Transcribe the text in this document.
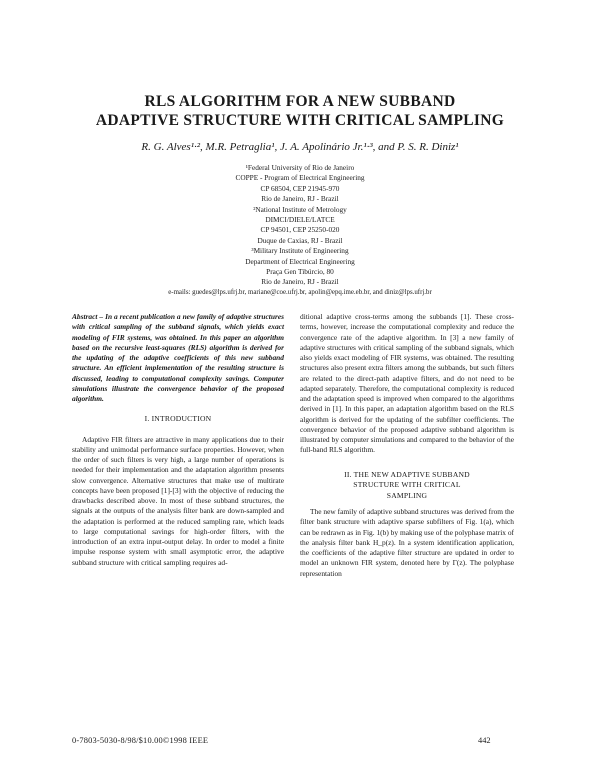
RLS ALGORITHM FOR A NEW SUBBAND
ADAPTIVE STRUCTURE WITH CRITICAL SAMPLING
R. G. Alves¹·², M.R. Petraglia¹, J. A. Apolinário Jr.¹·³, and P. S. R. Diniz¹
¹Federal University of Rio de Janeiro
COPPE - Program of Electrical Engineering
CP 68504, CEP 21945-970
Rio de Janeiro, RJ - Brazil
²National Institute of Metrology
DIMCI/DIELE/LATCE
CP 94501, CEP 25250-020
Duque de Caxias, RJ - Brazil
³Military Institute of Engineering
Department of Electrical Engineering
Praça Gen Tibúrcio, 80
Rio de Janeiro, RJ - Brazil
e-mails: guedes@lps.ufrj.br, mariane@coe.ufrj.br, apolin@epq.ime.eb.br, and diniz@lps.ufrj.br

Abstract – In a recent publication a new family of adaptive structures with critical sampling of the subband signals, which yields exact modeling of FIR systems, was obtained. In this paper an algorithm based on the recursive least-squares (RLS) algorithm is derived for the updating of the adaptive coefficients of this new subband structure. An efficient implementation of the resulting structure is discussed, leading to computational complexity savings. Computer simulations illustrate the convergence behavior of the proposed algorithm.

I. INTRODUCTION

Adaptive FIR filters are attractive in many applications due to their stability and unimodal performance surface properties. However, when the order of such filters is very high, a large number of operations is needed for their implementation and the adaptation algorithm presents slow convergence. Alternative structures that make use of multirate concepts have been proposed [1]-[3] with the objective of reducing the drawbacks described above. In most of these subband structures, the signals at the outputs of the analysis filter bank are down-sampled and the adaptation is performed at the reduced sampling rate, which leads to large computational savings for high-order filters, with the introduction of an extra input-output delay. In order to model a finite impulse response system with small asymptotic error, the adaptive subband structure with critical sampling requires ad-

ditional adaptive cross-terms among the subbands [1]. These cross-terms, however, increase the computational complexity and reduce the convergence rate of the adaptive algorithm. In [3] a new family of adaptive structures with critical sampling of the subband signals, which also yields exact modeling of FIR systems, was obtained. The resulting structures also present extra filters among the subbands, but such filters are related to the direct-path adaptive filters, and do not need to be adapted separately. Therefore, the computational complexity is reduced and the adaptation speed is improved when compared to the algorithms derived in [1]. In this paper, an adaptation algorithm based on the RLS algorithm is derived for the updating of the subfilter coefficients. The convergence behavior of the proposed adaptive subband algorithm is illustrated by computer simulations and compared to the behavior of the full-band RLS algorithm.

II. THE NEW ADAPTIVE SUBBAND
STRUCTURE WITH CRITICAL
SAMPLING

The new family of adaptive subband structures was derived from the filter bank structure with adaptive sparse subfilters of Fig. 1(a), which can be redrawn as in Fig. 1(b) by making use of the polyphase matrix of the analysis filter bank H_p(z). In a system identification application, the coefficients of the adaptive filter structure are updated in order to model an unknown FIR system, denoted here by Γ(z). The polyphase representation

0-7803-5030-8/98/$10.00©1998 IEEE	442
